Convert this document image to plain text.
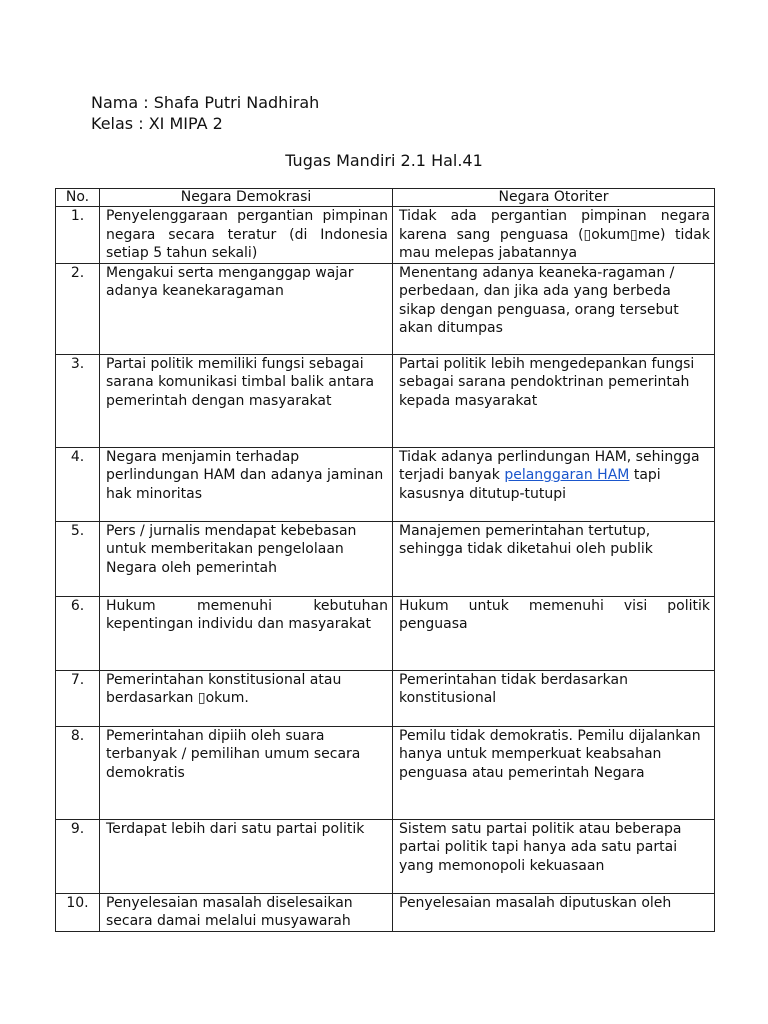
Nama : Shafa Putri Nadhirah
Kelas : XI MIPA 2
Tugas Mandiri 2.1 Hal.41
No.	Negara Demokrasi	Negara Otoriter
1.	Penyelenggaraan pergantian pimpinan negara secara teratur (di Indonesia setiap 5 tahun sekali)	Tidak ada pergantian pimpinan negara karena sang penguasa (▯okum▯me) tidak mau melepas jabatannya
2.	Mengakui serta menganggap wajar adanya keanekaragaman	Menentang adanya keaneka-ragaman / perbedaan, dan jika ada yang berbeda sikap dengan penguasa, orang tersebut akan ditumpas
3.	Partai politik memiliki fungsi sebagai sarana komunikasi timbal balik antara pemerintah dengan masyarakat	Partai politik lebih mengedepankan fungsi sebagai sarana pendoktrinan pemerintah kepada masyarakat
4.	Negara menjamin terhadap perlindungan HAM dan adanya jaminan hak minoritas	Tidak adanya perlindungan HAM, sehingga terjadi banyak pelanggaran HAM tapi kasusnya ditutup-tutupi
5.	Pers / jurnalis mendapat kebebasan untuk memberitakan pengelolaan Negara oleh pemerintah	Manajemen pemerintahan tertutup, sehingga tidak diketahui oleh publik
6.	Hukum memenuhi kebutuhan kepentingan individu dan masyarakat	Hukum untuk memenuhi visi politik penguasa
7.	Pemerintahan konstitusional atau berdasarkan ▯okum.	Pemerintahan tidak berdasarkan konstitusional
8.	Pemerintahan dipiih oleh suara terbanyak / pemilihan umum secara demokratis	Pemilu tidak demokratis. Pemilu dijalankan hanya untuk memperkuat keabsahan penguasa atau pemerintah Negara
9.	Terdapat lebih dari satu partai politik	Sistem satu partai politik atau beberapa partai politik tapi hanya ada satu partai yang memonopoli kekuasaan
10.	Penyelesaian masalah diselesaikan secara damai melalui musyawarah	Penyelesaian masalah diputuskan oleh
